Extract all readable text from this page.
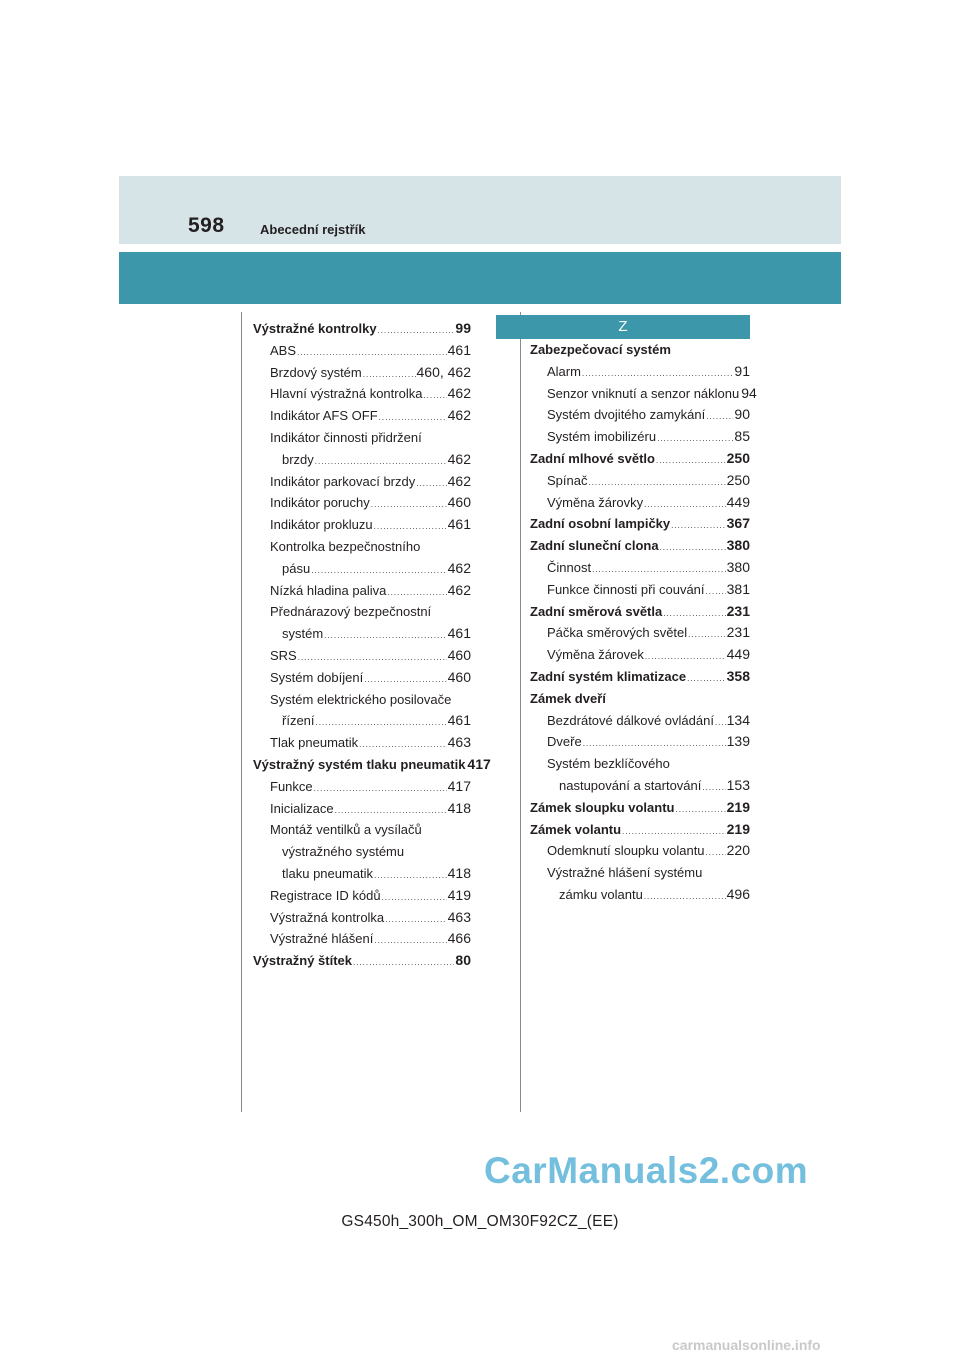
598	Abecední rejstřík
Výstražné kontrolky .....	99
ABS .....	461
Brzdový systém .....	460, 462
Hlavní výstražná kontrolka ..... 462
Indikátor AFS OFF .....	462
Indikátor činnosti přidržení
brzdy .....	462
Indikátor parkovací brzdy ..... 462
Indikátor poruchy .....	460
Indikátor prokluzu .....	461
Kontrolka bezpečnostního
pásu .....	462
Nízká hladina paliva .....	462
Přednárazový bezpečnostní
systém .....	461
SRS .....	460
Systém dobíjení .....	460
Systém elektrického posilovače
řízení .....	461
Tlak pneumatik .....	463
Výstražný systém tlaku pneumatik 417
Funkce .....	417
Inicializace .....	418
Montáž ventilků a vysílačů
výstražného systému
tlaku pneumatik .....	418
Registrace ID kódů .....	419
Výstražná kontrolka .....	463
Výstražné hlášení .....	466
Výstražný štítek .....	80
Z
Zabezpečovací systém
Alarm .....	91
Senzor vniknutí a senzor náklonu 94
Systém dvojitého zamykání ..... 90
Systém imobilizéru .....	85
Zadní mlhové světlo .....	250
Spínač .....	250
Výměna žárovky .....	449
Zadní osobní lampičky .....	367
Zadní sluneční clona .....	380
Činnost .....	380
Funkce činnosti při couvání ..... 381
Zadní směrová světla .....	231
Páčka směrových světel .....	231
Výměna žárovek .....	449
Zadní systém klimatizace .....	358
Zámek dveří
Bezdrátové dálkové ovládání ..... 134
Dveře .....	139
Systém bezklíčového
nastupování a startování ..... 153
Zámek sloupku volantu .....	219
Zámek volantu .....	219
Odemknutí sloupku volantu ..... 220
Výstražné hlášení systému
zámku volantu .....	496
GS450h_300h_OM_OM30F92CZ_(EE)
CarManuals2.com
carmanualsonline.info
